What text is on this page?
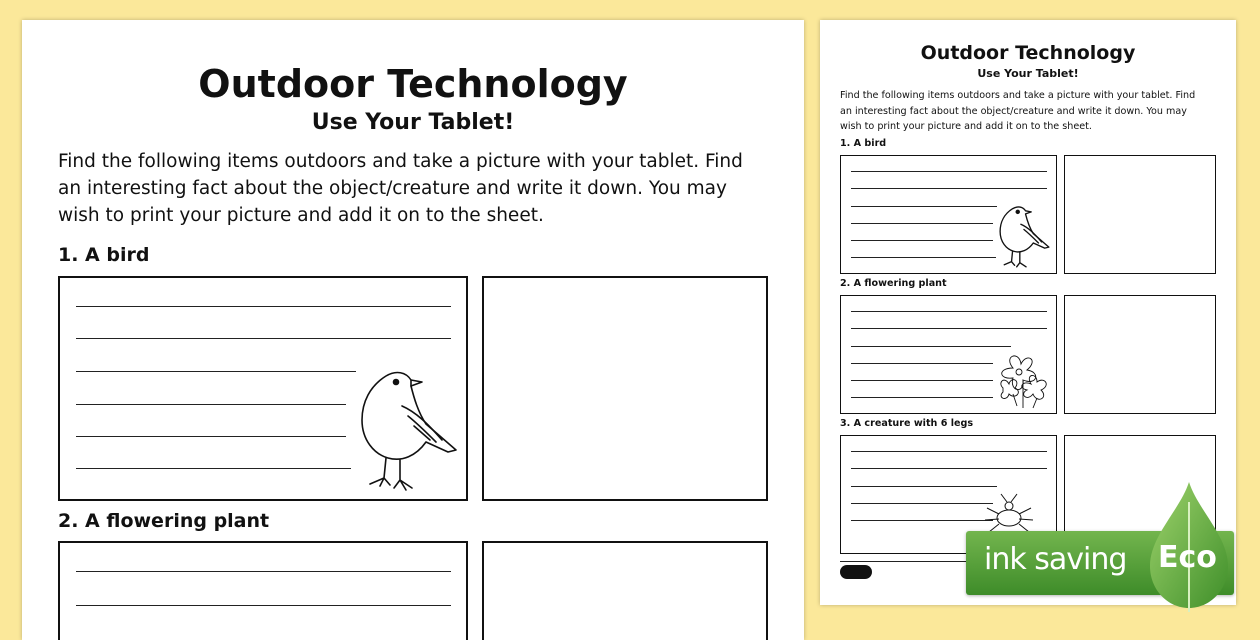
Outdoor Technology
Use Your Tablet!
Find the following items outdoors and take a picture with your tablet. Find
an interesting fact about the object/creature and write it down. You may
wish to print your picture and add it on to the sheet.
1. A bird
2. A flowering plant
Outdoor Technology
Use Your Tablet!
Find the following items outdoors and take a picture with your tablet. Find
an interesting fact about the object/creature and write it down. You may
wish to print your picture and add it on to the sheet.
1. A bird
2. A flowering plant
3. A creature with 6 legs
ink saving Eco
